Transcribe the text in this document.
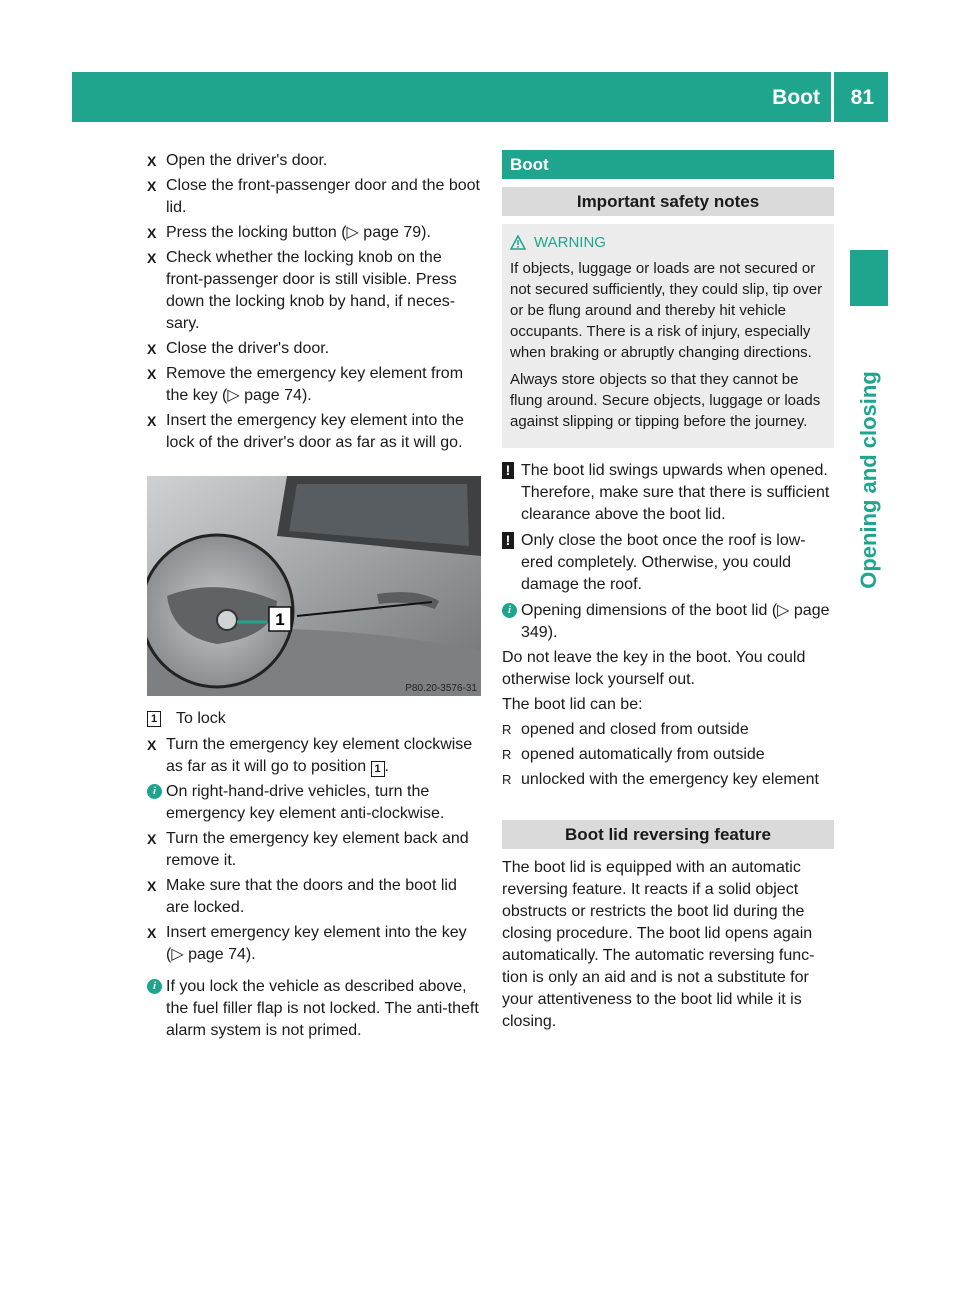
Boot 81
Opening and closing
X Open the driver's door.
X Close the front-passenger door and the boot lid.
X Press the locking button (▷ page 79).
X Check whether the locking knob on the front-passenger door is still visible. Press down the locking knob by hand, if neces-sary.
X Close the driver's door.
X Remove the emergency key element from the key (▷ page 74).
X Insert the emergency key element into the lock of the driver's door as far as it will go.
1
P80.20-3576-31
1 To lock
X Turn the emergency key element clockwise as far as it will go to position 1 .
i On right-hand-drive vehicles, turn the emergency key element anti-clockwise.
X Turn the emergency key element back and remove it.
X Make sure that the doors and the boot lid are locked.
X Insert emergency key element into the key (▷ page 74).
i If you lock the vehicle as described above, the fuel filler flap is not locked. The anti-theft alarm system is not primed.
Boot
Important safety notes
WARNING

If objects, luggage or loads are not secured or not secured sufficiently, they could slip, tip over or be flung around and thereby hit vehicle occupants. There is a risk of injury, especially when braking or abruptly changing directions.

Always store objects so that they cannot be flung around. Secure objects, luggage or loads against slipping or tipping before the journey.

! The boot lid swings upwards when opened. Therefore, make sure that there is sufficient clearance above the boot lid.
! Only close the boot once the roof is low-ered completely. Otherwise, you could damage the roof.
i Opening dimensions of the boot lid (▷ page 349).

Do not leave the key in the boot. You could otherwise lock yourself out.

The boot lid can be:

R opened and closed from outside
R opened automatically from outside
R unlocked with the emergency key element
Boot lid reversing feature

The boot lid is equipped with an automatic reversing feature. It reacts if a solid object obstructs or restricts the boot lid during the closing procedure. The boot lid opens again automatically. The automatic reversing func-tion is only an aid and is not a substitute for your attentiveness to the boot lid while it is closing.
